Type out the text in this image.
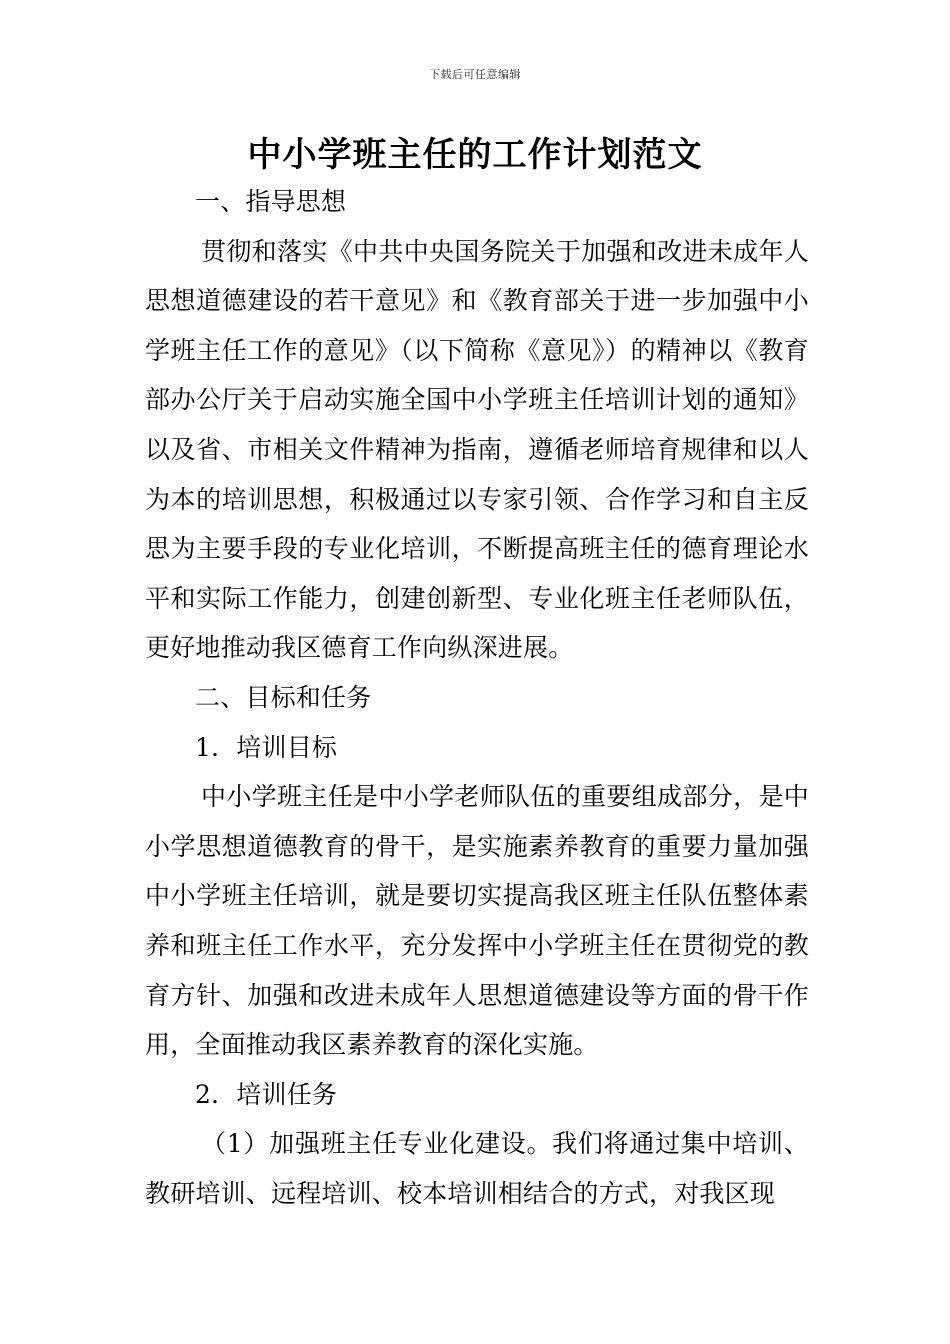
下载后可任意编辑
中小学班主任的工作计划范文

一、指导思想

贯彻和落实《中共中央国务院关于加强和改进未成年人思想道德建设的若干意见》和《教育部关于进一步加强中小学班主任工作的意见》（以下简称《意见》）的精神以《教育部办公厅关于启动实施全国中小学班主任培训计划的通知》以及省、市相关文件精神为指南，遵循老师培育规律和以人为本的培训思想，积极通过以专家引领、合作学习和自主反思为主要手段的专业化培训，不断提高班主任的德育理论水平和实际工作能力，创建创新型、专业化班主任老师队伍，更好地推动我区德育工作向纵深进展。

二、目标和任务

1．培训目标

中小学班主任是中小学老师队伍的重要组成部分，是中小学思想道德教育的骨干，是实施素养教育的重要力量加强中小学班主任培训，就是要切实提高我区班主任队伍整体素养和班主任工作水平，充分发挥中小学班主任在贯彻党的教育方针、加强和改进未成年人思想道德建设等方面的骨干作用，全面推动我区素养教育的深化实施。

2．培训任务

（1）加强班主任专业化建设。我们将通过集中培训、教研培训、远程培训、校本培训相结合的方式，对我区现
